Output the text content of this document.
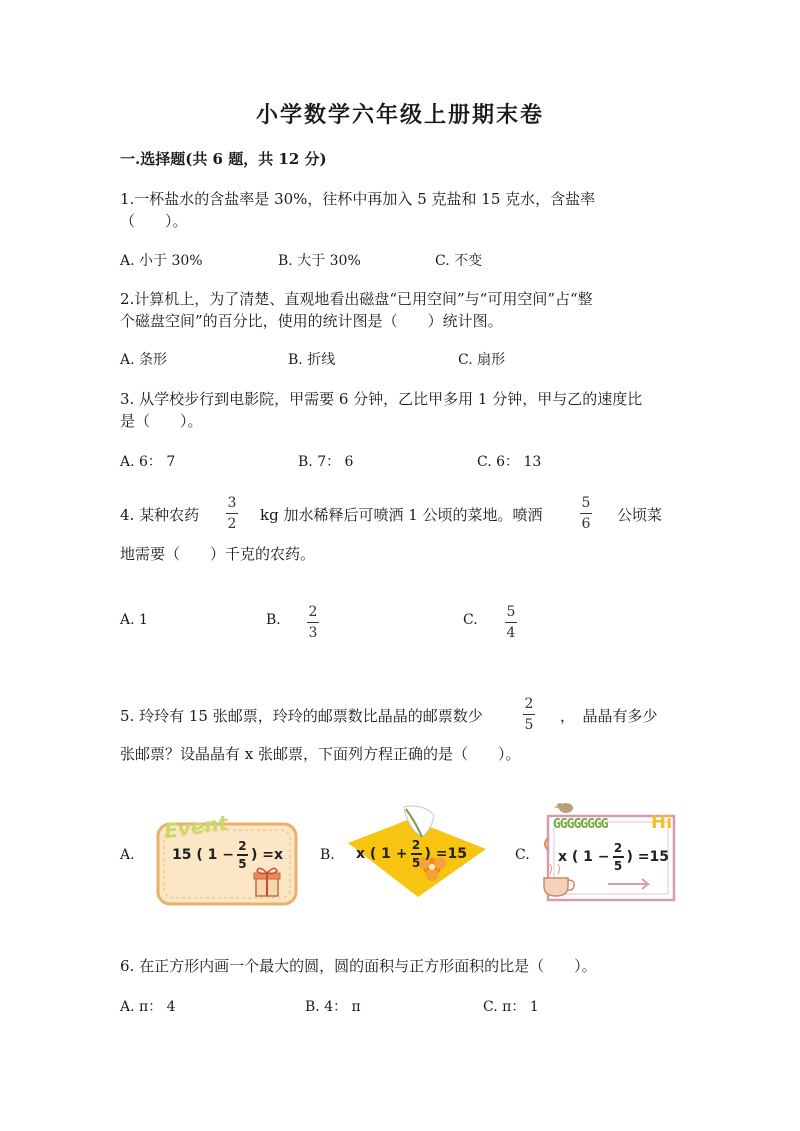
小学数学六年级上册期末卷
一.选择题(共 6 题，共 12 分)
1.一杯盐水的含盐率是 30%，往杯中再加入 5 克盐和 15 克水，含盐率
（　　）。
A. 小于 30%	B. 大于 30%	C. 不变
2.计算机上，为了清楚、直观地看出磁盘“已用空间”与“可用空间”占“整
个磁盘空间”的百分比，使用的统计图是（　　）统计图。
A. 条形	B. 折线	C. 扇形
3. 从学校步行到电影院，甲需要 6 分钟，乙比甲多用 1 分钟，甲与乙的速度比
是（　　）。
A. 6： 7	B. 7： 6	C. 6： 13
4. 某种农药
3
2 kg 加水稀释后可喷洒 1 公顷的菜地。喷洒
5
6 公顷菜
地需要（　　）千克的农药。
A. 1	B. 2
3
C. 5
4
5. 玲玲有 15 张邮票，玲玲的邮票数比晶晶的邮票数少
2
5 ，　晶晶有多少
张邮票？设晶晶有 x 张邮票，下面列方程正确的是（　　）。
A.
Event
15 ( $1 - \frac{2}{5}$ ) =x	B. x ( $1 + \frac{2}{5}$ ) =15	C.
GGGGGGGG Hi
x ( $1 - \frac{2}{5}$ ) =15
6. 在正方形内画一个最大的圆，圆的面积与正方形面积的比是（　　）。
A. π： 4	B. 4： π	C. π： 1
